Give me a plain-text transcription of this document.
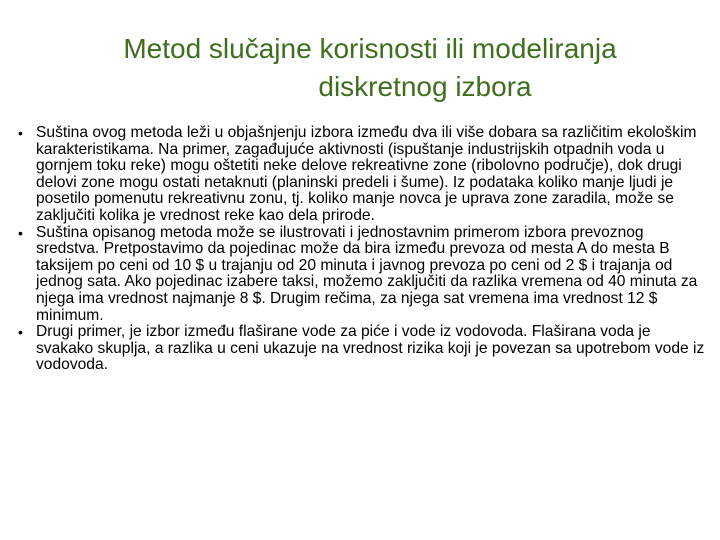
Metod slučajne korisnosti ili modeliranja
diskretnog izbora
• Suština ovog metoda leži u objašnjenju izbora između dva ili više dobara sa različitim ekološkim karakteristikama. Na primer, zagađujuće aktivnosti (ispuštanje industrijskih otpadnih voda u gornjem toku reke) mogu oštetiti neke delove rekreativne zone (ribolovno područje), dok drugi delovi zone mogu ostati netaknuti (planinski predeli i šume). Iz podataka koliko manje ljudi je posetilo pomenutu rekreativnu zonu, tj. koliko manje novca je uprava zone zaradila, može se zaključiti kolika je vrednost reke kao dela prirode.
• Suština opisanog metoda može se ilustrovati i jednostavnim primerom izbora prevoznog sredstva. Pretpostavimo da pojedinac može da bira između prevoza od mesta A do mesta B taksijem po ceni od 10 $ u trajanju od 20 minuta i javnog prevoza po ceni od 2 $ i trajanja od jednog sata. Ako pojedinac izabere taksi, možemo zaključiti da razlika vremena od 40 minuta za njega ima vrednost najmanje 8 $. Drugim rečima, za njega sat vremena ima vrednost 12 $ minimum.
• Drugi primer, je izbor između flaširane vode za piće i vode iz vodovoda. Flaširana voda je svakako skuplja, a razlika u ceni ukazuje na vrednost rizika koji je povezan sa upotrebom vode iz vodovoda.
